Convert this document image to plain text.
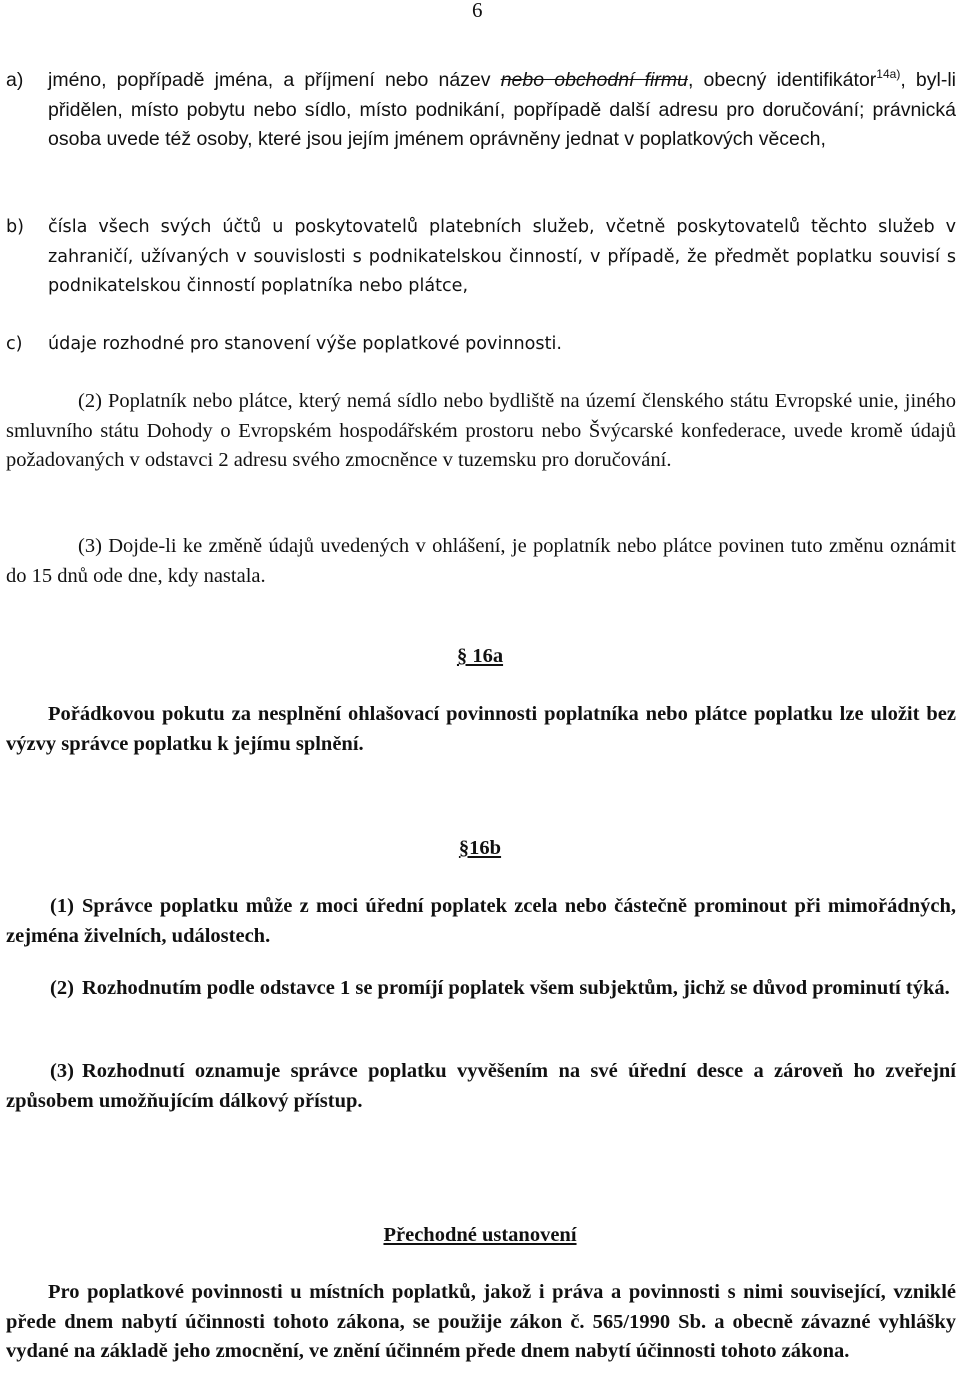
6
a) jméno, popřípadě jména, a příjmení nebo název nebo obchodní firmu, obecný identifikátor$^{14a)}$, byl-li přidělen, místo pobytu nebo sídlo, místo podnikání, popřípadě další adresu pro doručování; právnická osoba uvede též osoby, které jsou jejím jménem oprávněny jednat v poplatkových věcech,
b) čísla všech svých účtů u poskytovatelů platebních služeb, včetně poskytovatelů těchto služeb v zahraničí, užívaných v souvislosti s podnikatelskou činností, v případě, že předmět poplatku souvisí s podnikatelskou činností poplatníka nebo plátce,
c) údaje rozhodné pro stanovení výše poplatkové povinnosti.
(2) Poplatník nebo plátce, který nemá sídlo nebo bydliště na území členského státu Evropské unie, jiného smluvního státu Dohody o Evropském hospodářském prostoru nebo Švýcarské konfederace, uvede kromě údajů požadovaných v odstavci 2 adresu svého zmocněnce v tuzemsku pro doručování.
(3) Dojde-li ke změně údajů uvedených v ohlášení, je poplatník nebo plátce povinen tuto změnu oznámit do 15 dnů ode dne, kdy nastala.
§ 16a
Pořádkovou pokutu za nesplnění ohlašovací povinnosti poplatníka nebo plátce poplatku lze uložit bez výzvy správce poplatku k jejímu splnění.
§16b
(1) Správce poplatku může z moci úřední poplatek zcela nebo částečně prominout při mimořádných, zejména živelních, událostech.
(2) Rozhodnutím podle odstavce 1 se promíjí poplatek všem subjektům, jichž se důvod prominutí týká.
(3) Rozhodnutí oznamuje správce poplatku vyvěšením na své úřední desce a zároveň ho zveřejní způsobem umožňujícím dálkový přístup.
Přechodné ustanovení
Pro poplatkové povinnosti u místních poplatků, jakož i práva a povinnosti s nimi související, vzniklé přede dnem nabytí účinnosti tohoto zákona, se použije zákon č. 565/1990 Sb. a obecně závazné vyhlášky vydané na základě jeho zmocnění, ve znění účinném přede dnem nabytí účinnosti tohoto zákona.
